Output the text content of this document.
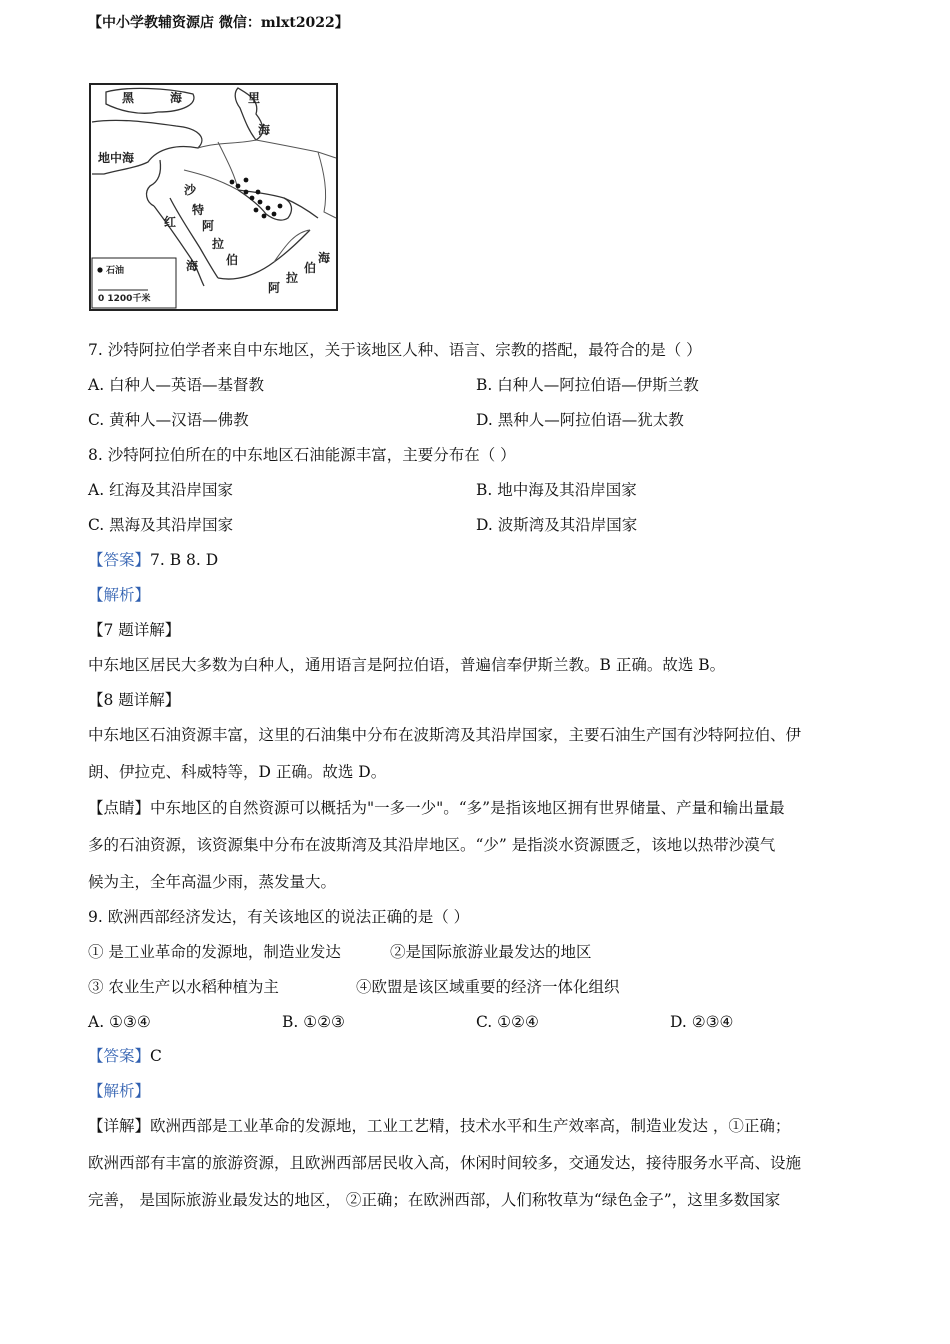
【中小学教辅资源店 微信：mlxt2022】
黑	海	里
海
地中海
沙
特
阿
拉
伯
红
海
海
伯
拉
阿
石油
0 1200千米
7. 沙特阿拉伯学者来自中东地区，关于该地区人种、语言、宗教的搭配，最符合的是（ ）
A. 白种人—英语—基督教	B. 白种人—阿拉伯语—伊斯兰教
C. 黄种人—汉语—佛教	D. 黑种人—阿拉伯语—犹太教
8. 沙特阿拉伯所在的中东地区石油能源丰富，主要分布在（ ）
A. 红海及其沿岸国家	B. 地中海及其沿岸国家
C. 黑海及其沿岸国家	D. 波斯湾及其沿岸国家
【答案】7. B 8. D
【解析】
【7 题详解】
中东地区居民大多数为白种人，通用语言是阿拉伯语，普遍信奉伊斯兰教。B 正确。故选 B。
【8 题详解】
中东地区石油资源丰富，这里的石油集中分布在波斯湾及其沿岸国家，主要石油生产国有沙特阿拉伯、伊
朗、伊拉克、科威特等，D 正确。故选 D。
【点睛】中东地区的自然资源可以概括为"一多一少"。“多”是指该地区拥有世界储量、产量和输出量最
多的石油资源，该资源集中分布在波斯湾及其沿岸地区。“少” 是指淡水资源匮乏，该地以热带沙漠气
候为主，全年高温少雨，蒸发量大。
9. 欧洲西部经济发达，有关该地区的说法正确的是（ ）
① 是工业革命的发源地，制造业发达	②是国际旅游业最发达的地区
③ 农业生产以水稻种植为主	④欧盟是该区域重要的经济一体化组织
A. ①③④	B. ①②③	C. ①②④	D. ②③④
【答案】C
【解析】
【详解】欧洲西部是工业革命的发源地，工业工艺精，技术水平和生产效率高，制造业发达 ，①正确；
欧洲西部有丰富的旅游资源，且欧洲西部居民收入高，休闲时间较多，交通发达，接待服务水平高、设施
完善， 是国际旅游业最发达的地区， ②正确；在欧洲西部，人们称牧草为“绿色金子”，这里多数国家
